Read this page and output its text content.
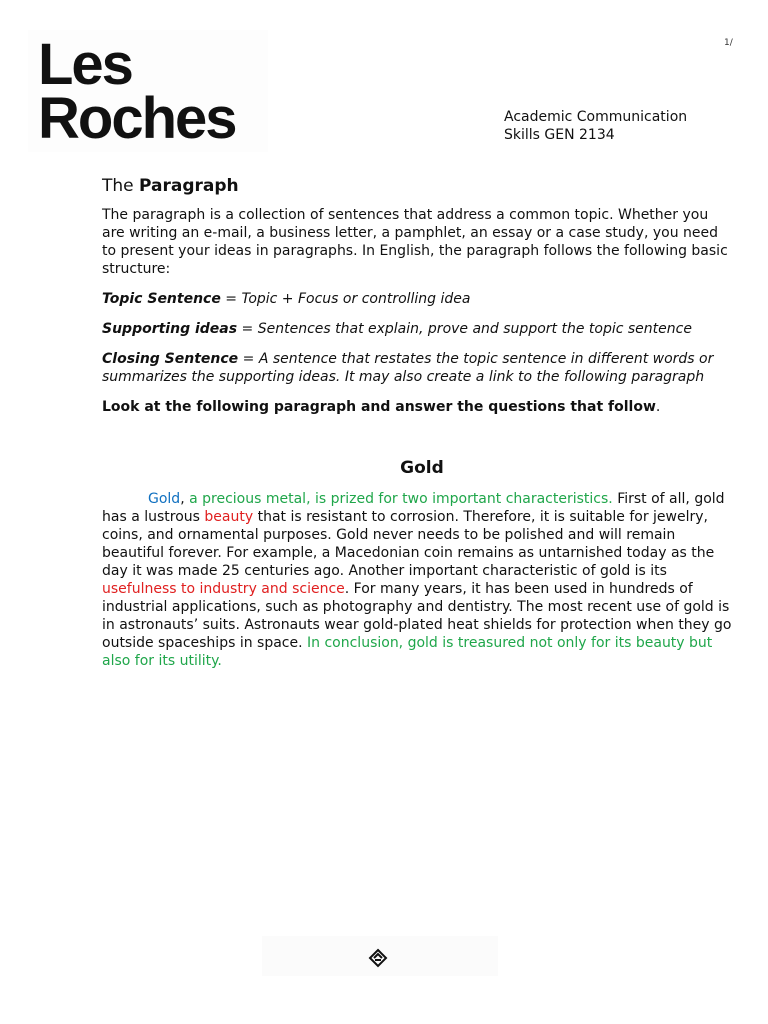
Les
Roches
1/
Academic Communication
Skills GEN 2134
The Paragraph

The paragraph is a collection of sentences that address a common topic. Whether you are writing an e-mail, a business letter, a pamphlet, an essay or a case study, you need to present your ideas in paragraphs. In English, the paragraph follows the following basic structure:

Topic Sentence = Topic + Focus or controlling idea

Supporting ideas = Sentences that explain, prove and support the topic sentence

Closing Sentence = A sentence that restates the topic sentence in different words or summarizes the supporting ideas. It may also create a link to the following paragraph

Look at the following paragraph and answer the questions that follow.

Gold

Gold, a precious metal, is prized for two important characteristics. First of all, gold has a lustrous beauty that is resistant to corrosion. Therefore, it is suitable for jewelry, coins, and ornamental purposes. Gold never needs to be polished and will remain beautiful forever. For example, a Macedonian coin remains as untarnished today as the day it was made 25 centuries ago. Another important characteristic of gold is its usefulness to industry and science. For many years, it has been used in hundreds of industrial applications, such as photography and dentistry. The most recent use of gold is in astronauts’ suits. Astronauts wear gold-plated heat shields for protection when they go outside spaceships in space. In conclusion, gold is treasured not only for its beauty but also for its utility.
